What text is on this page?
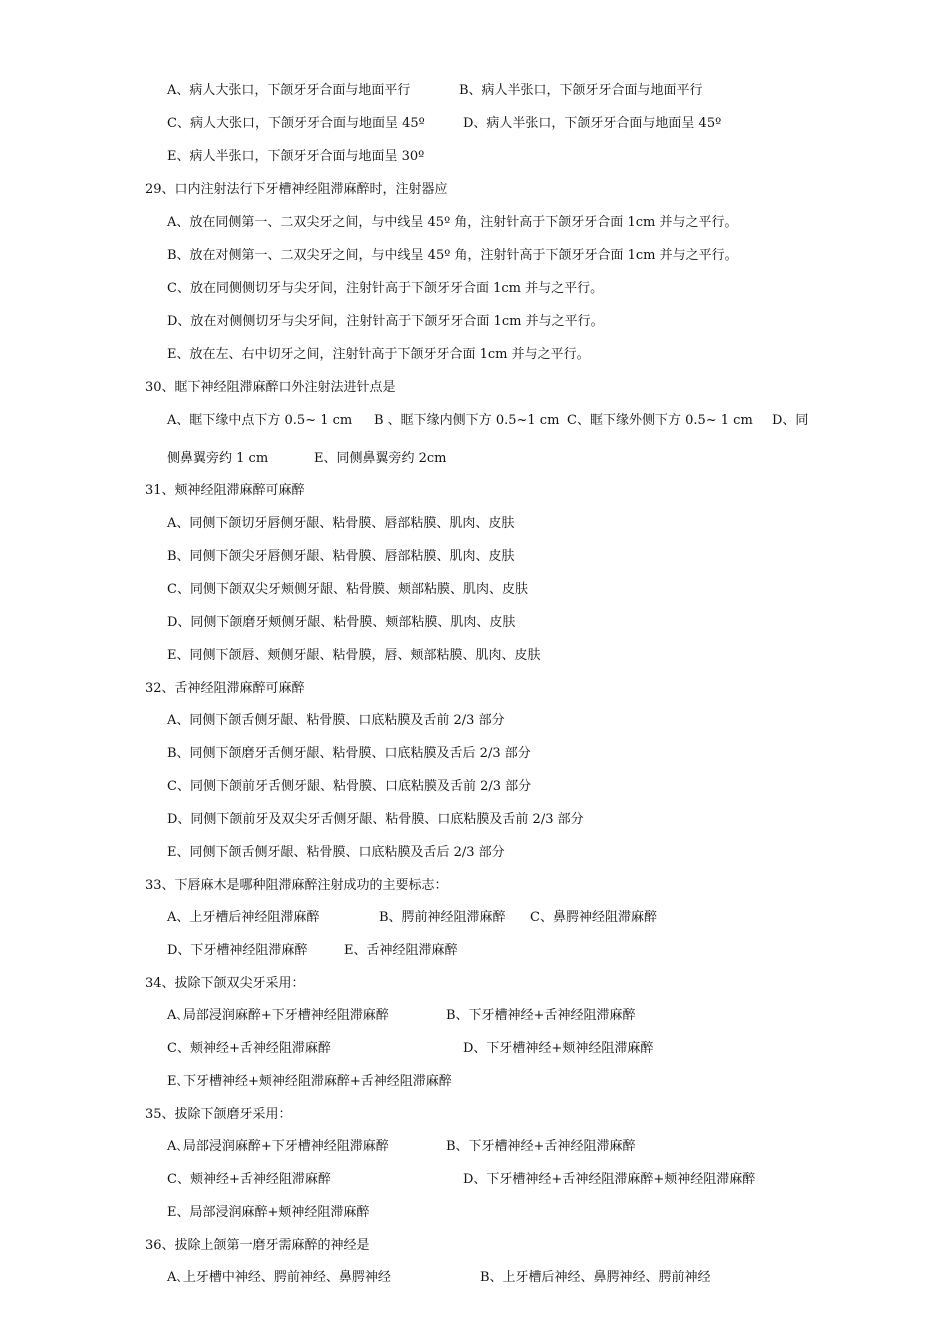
A、病人大张口，下颌牙牙合面与地面平行	B、病人半张口，下颌牙牙合面与地面平行
C、病人大张口，下颌牙牙合面与地面呈 45º	D、病人半张口，下颌牙牙合面与地面呈 45º
E、病人半张口，下颌牙牙合面与地面呈 30º
29、口内注射法行下牙槽神经阻滞麻醉时，注射器应
A、放在同侧第一、二双尖牙之间，与中线呈 45º 角，注射针高于下颌牙牙合面 1cm 并与之平行。
B、放在对侧第一、二双尖牙之间，与中线呈 45º 角，注射针高于下颌牙牙合面 1cm 并与之平行。
C、放在同侧侧切牙与尖牙间，注射针高于下颌牙牙合面 1cm 并与之平行。
D、放在对侧侧切牙与尖牙间，注射针高于下颌牙牙合面 1cm 并与之平行。
E、放在左、右中切牙之间，注射针高于下颌牙牙合面 1cm 并与之平行。
30、眶下神经阻滞麻醉口外注射法进针点是
A、眶下缘中点下方 0.5~ 1 cm B 、眶下缘内侧下方 0.5~1 cm C、眶下缘外侧下方 0.5~ 1 cm D、同
侧鼻翼旁约 1 cm	E、同侧鼻翼旁约 2cm
31、颊神经阻滞麻醉可麻醉
A、同侧下颌切牙唇侧牙龈、粘骨膜、唇部粘膜、肌肉、皮肤
B、同侧下颌尖牙唇侧牙龈、粘骨膜、唇部粘膜、肌肉、皮肤
C、同侧下颌双尖牙颊侧牙龈、粘骨膜、颊部粘膜、肌肉、皮肤
D、同侧下颌磨牙颊侧牙龈、粘骨膜、颊部粘膜、肌肉、皮肤
E、同侧下颌唇、颊侧牙龈、粘骨膜，唇、颊部粘膜、肌肉、皮肤
32、舌神经阻滞麻醉可麻醉
A、同侧下颌舌侧牙龈、粘骨膜、口底粘膜及舌前 2/3 部分
B、同侧下颌磨牙舌侧牙龈、粘骨膜、口底粘膜及舌后 2/3 部分
C、同侧下颌前牙舌侧牙龈、粘骨膜、口底粘膜及舌前 2/3 部分
D、同侧下颌前牙及双尖牙舌侧牙龈、粘骨膜、口底粘膜及舌前 2/3 部分
E、同侧下颌舌侧牙龈、粘骨膜、口底粘膜及舌后 2/3 部分
33、下唇麻木是哪种阻滞麻醉注射成功的主要标志：
A、上牙槽后神经阻滞麻醉	B、腭前神经阻滞麻醉 C、鼻腭神经阻滞麻醉
D、下牙槽神经阻滞麻醉	E、舌神经阻滞麻醉
34、拔除下颌双尖牙采用：
A､局部浸润麻醉+下牙槽神经阻滞麻醉	B、下牙槽神经+舌神经阻滞麻醉
C、颊神经+舌神经阻滞麻醉	D、下牙槽神经+颊神经阻滞麻醉
E､下牙槽神经+颊神经阻滞麻醉+舌神经阻滞麻醉
35、拔除下颌磨牙采用：
A､局部浸润麻醉+下牙槽神经阻滞麻醉	B、下牙槽神经+舌神经阻滞麻醉
C、颊神经+舌神经阻滞麻醉	D、下牙槽神经+舌神经阻滞麻醉+颊神经阻滞麻醉
E、局部浸润麻醉+颊神经阻滞麻醉
36、拔除上颌第一磨牙需麻醉的神经是
A､上牙槽中神经、腭前神经、鼻腭神经	B、上牙槽后神经、鼻腭神经、腭前神经
